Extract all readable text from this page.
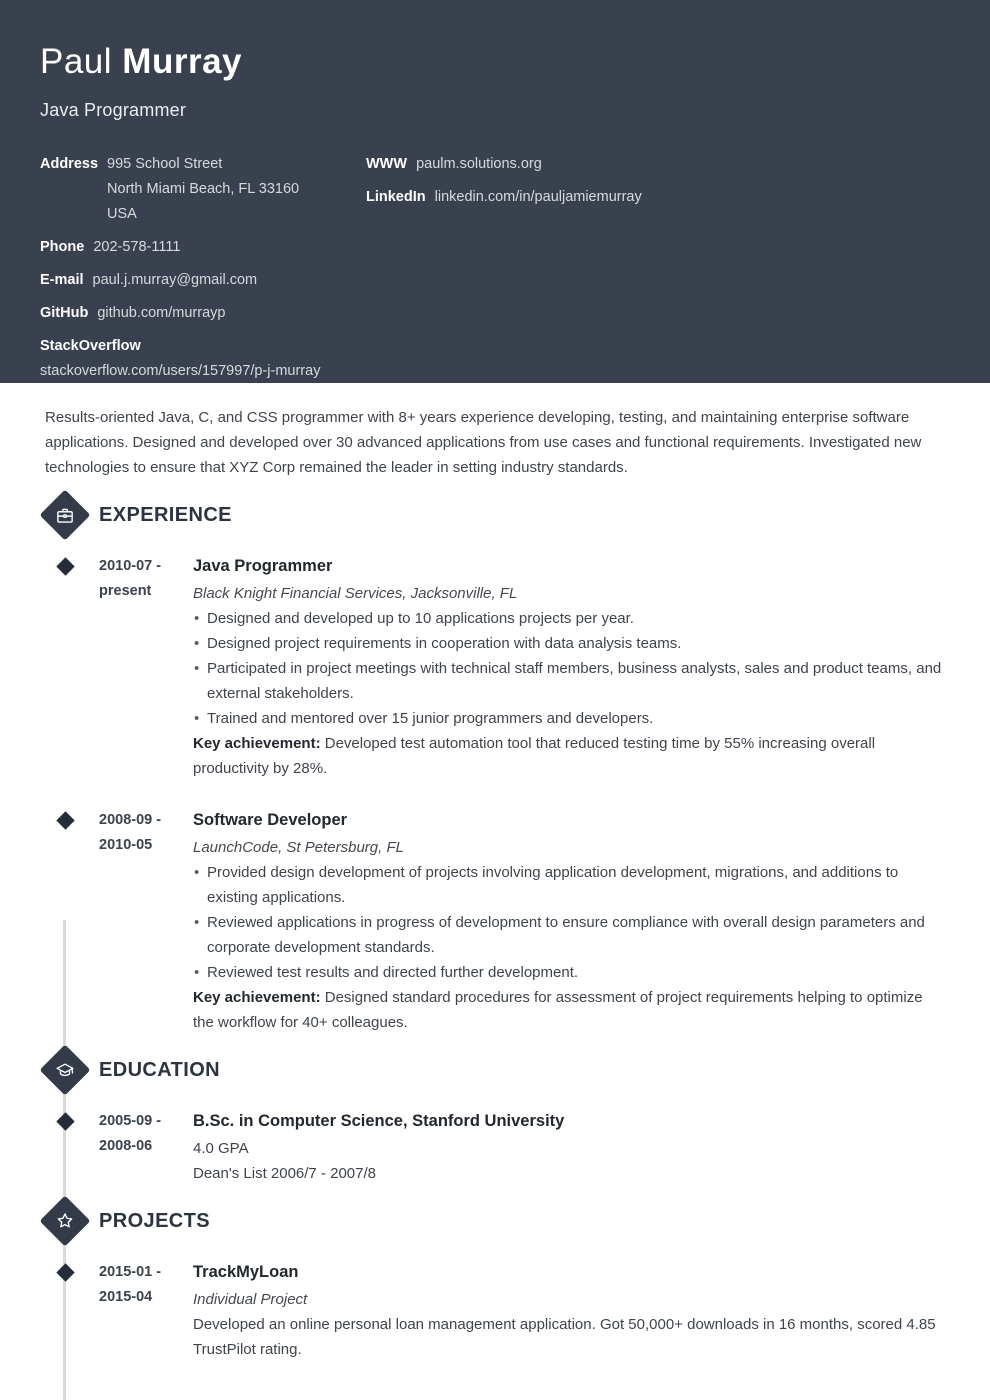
Paul Murray
Java Programmer
Address 995 School Street
North Miami Beach, FL 33160
USA
Phone 202-578-1111
E-mail paul.j.murray@gmail.com
GitHub github.com/murrayp
StackOverflow
stackoverflow.com/users/157997/p-j-murray
WWW paulm.solutions.org
LinkedIn linkedin.com/in/pauljamiemurray

Results-oriented Java, C, and CSS programmer with 8+ years experience developing, testing, and maintaining enterprise software applications. Designed and developed over 30 advanced applications from use cases and functional requirements. Investigated new technologies to ensure that XYZ Corp remained the leader in setting industry standards.

EXPERIENCE
2010-07 -
present
Java Programmer
Black Knight Financial Services, Jacksonville, FL
• Designed and developed up to 10 applications projects per year.
• Designed project requirements in cooperation with data analysis teams.
• Participated in project meetings with technical staff members, business analysts, sales and product teams, and external stakeholders.
• Trained and mentored over 15 junior programmers and developers.

Key achievement: Developed test automation tool that reduced testing time by 55% increasing overall productivity by 28%.

2008-09 -
2010-05
Software Developer
LaunchCode, St Petersburg, FL
• Provided design development of projects involving application development, migrations, and additions to existing applications.
• Reviewed applications in progress of development to ensure compliance with overall design parameters and corporate development standards.
• Reviewed test results and directed further development.

Key achievement: Designed standard procedures for assessment of project requirements helping to optimize the workflow for 40+ colleagues.

EDUCATION
2005-09 -
2008-06
B.Sc. in Computer Science, Stanford University
4.0 GPA
Dean's List 2006/7 - 2007/8
PROJECTS
2015-01 -
2015-04
TrackMyLoan
Individual Project

Developed an online personal loan management application. Got 50,000+ downloads in 16 months, scored 4.85 TrustPilot rating.
